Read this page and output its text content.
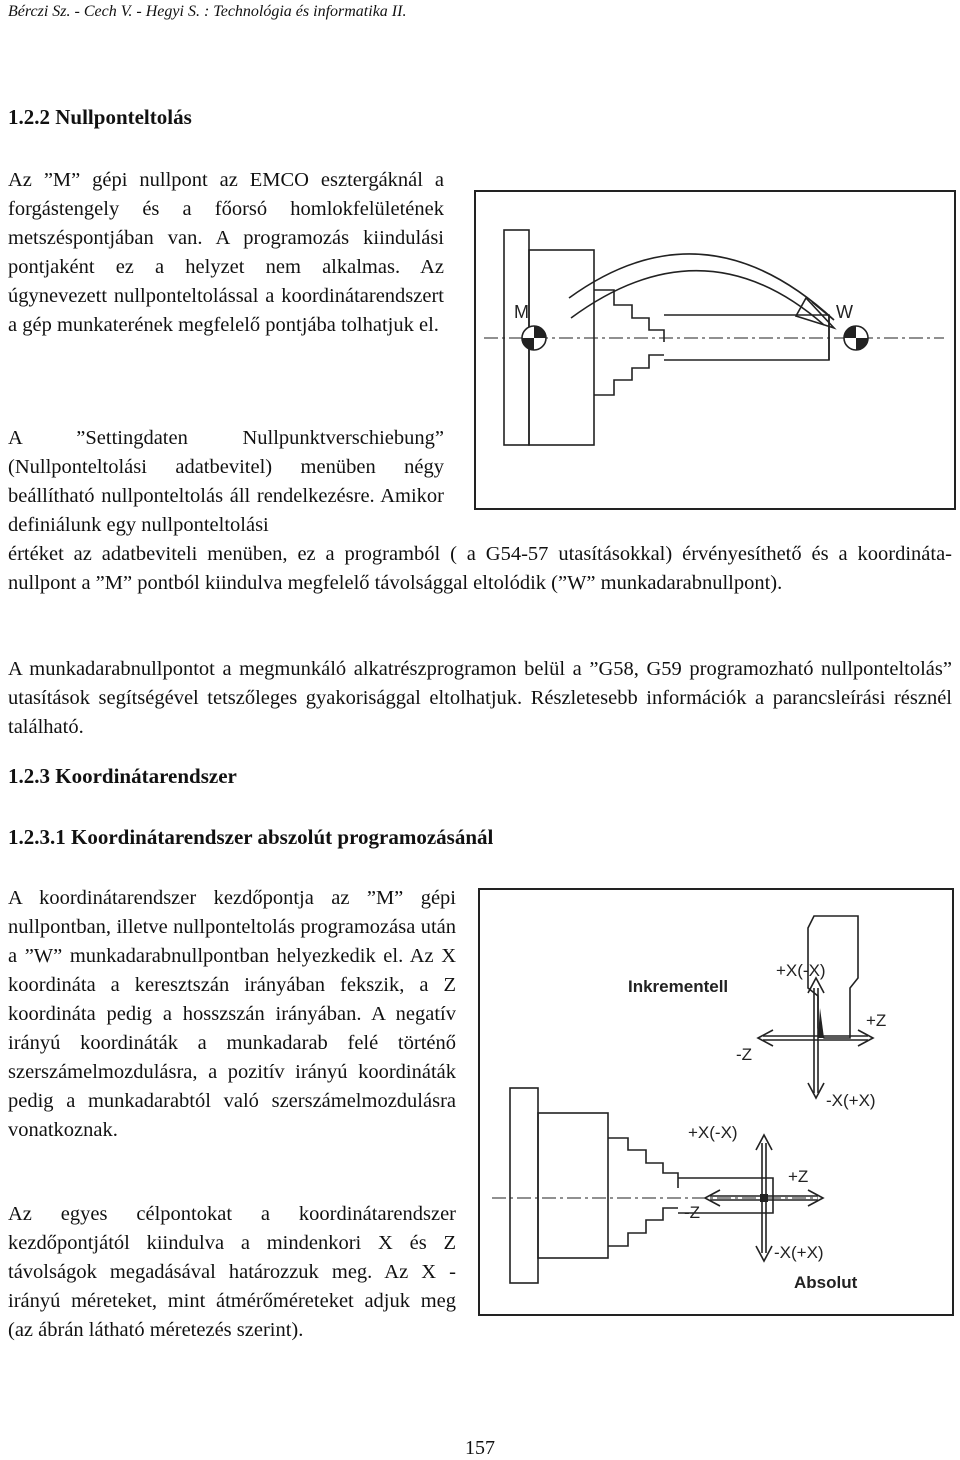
Bérczi Sz. - Cech V. - Hegyi S. : Technológia és informatika II.
1.2.2 Nullponteltolás

Az ”M” gépi nullpont az EMCO esztergáknál a forgástengely és a főorsó homlokfelületének metszéspontjában van. A programozás kiindulási pontjaként ez a helyzet nem alkalmas. Az úgynevezett nullponteltolással a koordinátarendszert a gép munkaterének megfelelő pontjába tolhatjuk el.

A ”Settingdaten Nullpunktverschiebung” (Nullponteltolási adatbevitel) menüben négy beállítható nullponteltolás áll rendelkezésre. Amikor definiálunk egy nullponteltolási

értéket az adatbeviteli menüben, ez a programból ( a G54-57 utasításokkal) érvényesíthető és a koordináta-nullpont a ”M” pontból kiindulva megfelelő távolsággal eltolódik (”W” munkadarabnullpont).

A munkadarabnullpontot a megmunkáló alkatrészprogramon belül a ”G58, G59 programozható nullponteltolás” utasítások segítségével tetszőleges gyakorisággal eltolhatjuk. Részletesebb információk a parancsleírási résznél található.

1.2.3 Koordinátarendszer
1.2.3.1 Koordinátarendszer abszolút programozásánál

A koordinátarendszer kezdőpontja az ”M” gépi nullpontban, illetve nullponteltolás programozása után a ”W” munkadarabnullpontban helyezkedik el. Az X koordináta a keresztszán irányában fekszik, a Z koordináta pedig a hosszszán irányában. A negatív irányú koordináták a munkadarab felé történő szerszámelmozdulásra, a pozitív irányú koordináták pedig a munkadarabtól való szerszámelmozdulásra vonatkoznak.

Az egyes célpontokat a koordinátarendszer kezdőpontjától kiindulva a mindenkori X és Z távolságok megadásával határozzuk meg. Az X - irányú méreteket, mint átmérőméreteket adjuk meg (az ábrán látható méretezés szerint).

M	W
Inkrementell
+X(-X)
+Z
-Z
-X(+X)
+X(-X)
+Z
-Z
-X(+X)
Absolut
157
